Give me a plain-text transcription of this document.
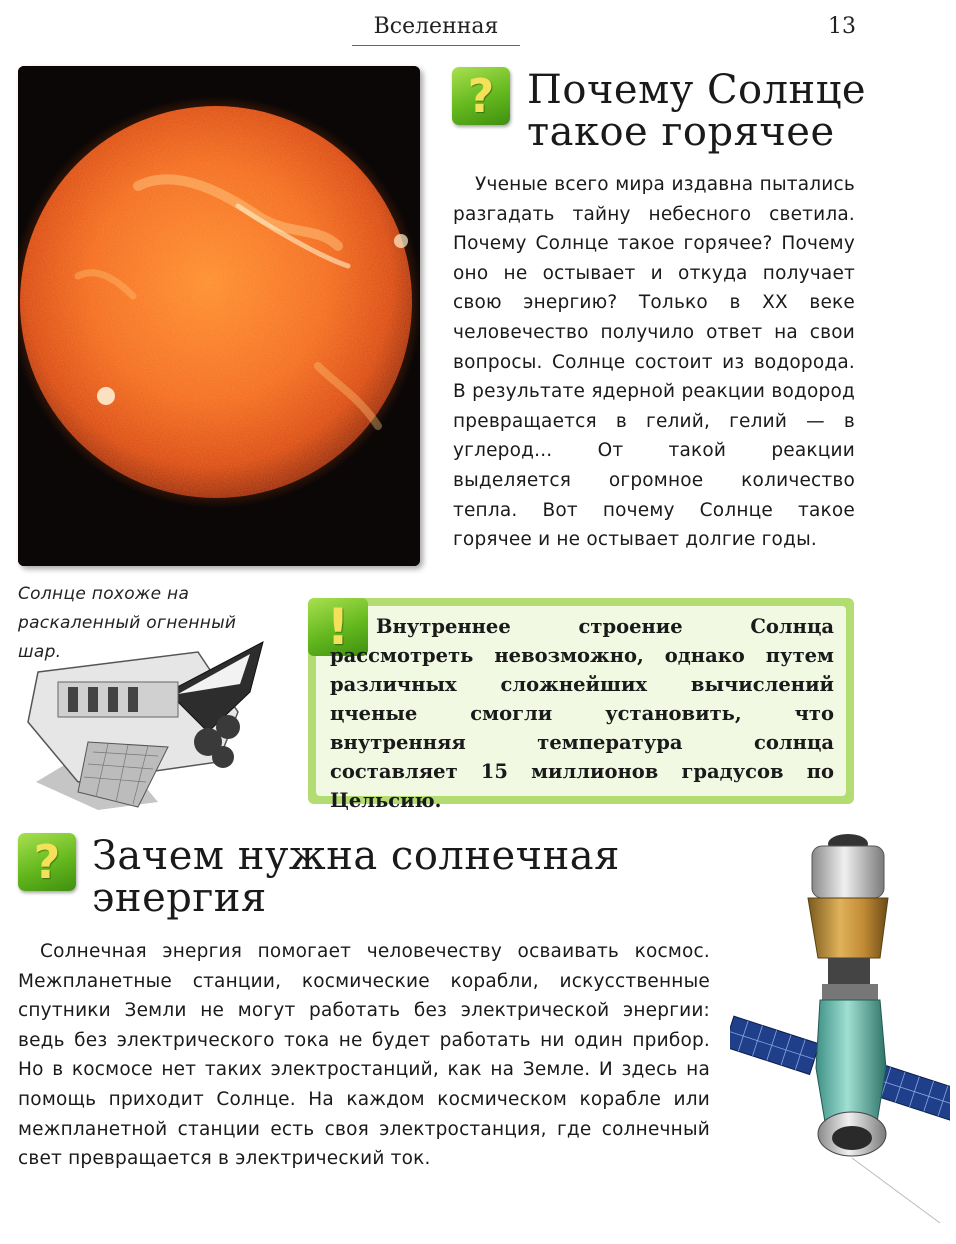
Вселенная	13
Солнце похоже на раскаленный огненный шар.
? Почему Солнце
такое горячее

Ученые всего мира издавна пытались разгадать тайну небесного светила. Почему Солнце такое горячее? Почему оно не остывает и откуда получает свою энергию? Только в XX веке человечество получило ответ на свои вопросы. Солнце состоит из водорода. В результате ядерной реакции водород превращается в гелий, гелий — в углерод... От такой реакции выделяется огромное количество тепла. Вот почему Солнце такое горячее и не остывает долгие годы.

!	Внутреннее строение Солнца рассмотреть невозможно, однако путем различных сложнейших вычислений цченые смогли установить, что внутренняя температура солнца составляет 15 миллионов градусов по Цельсию.

? Зачем нужна солнечная
энергия

Солнечная энергия помогает человечеству осваивать космос. Межпланетные станции, космические корабли, искусственные спутники Земли не могут работать без электрической энергии: ведь без электрического тока не будет работать ни один прибор. Но в космосе нет таких электростанций, как на Земле. И здесь на помощь приходит Солнце. На каждом космическом корабле или межпланетной станции есть своя электростанция, где солнечный свет превращается в электрический ток.
